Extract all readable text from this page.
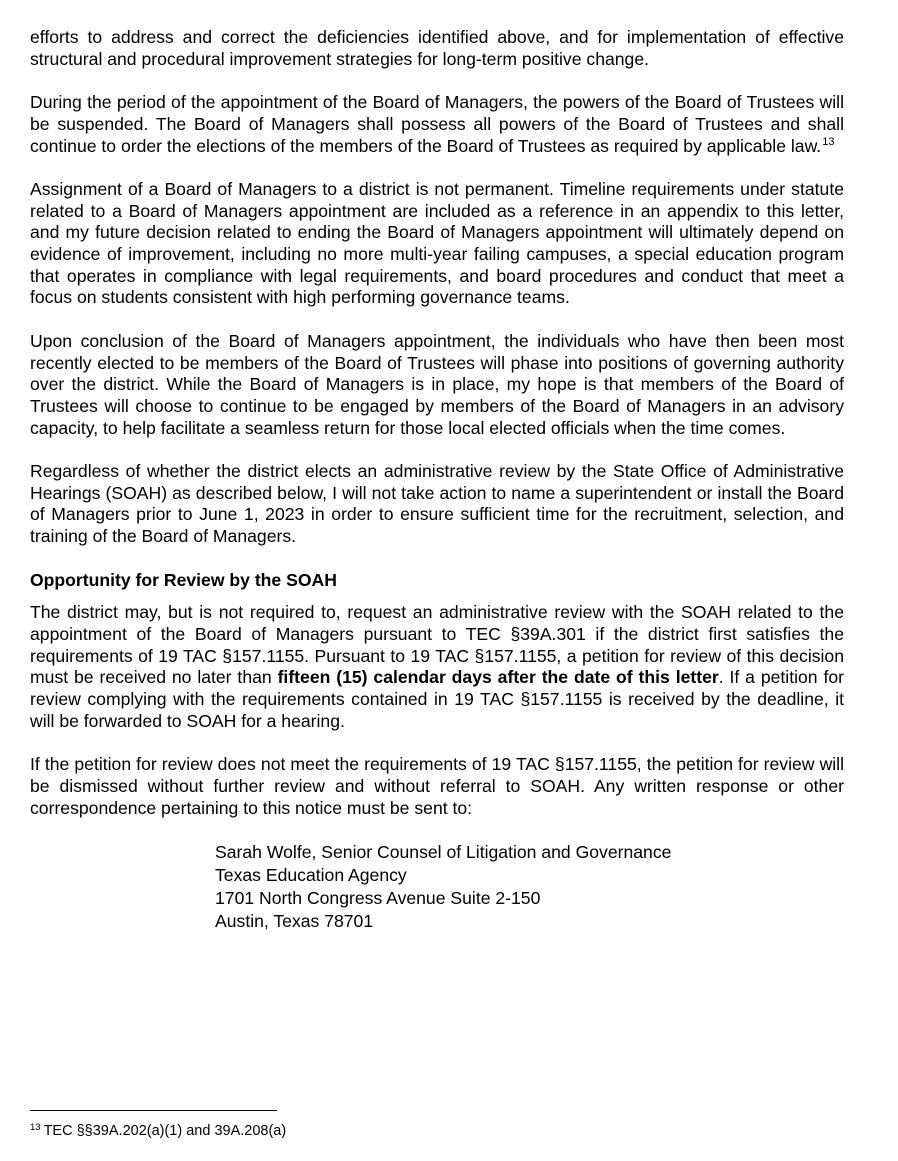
efforts to address and correct the deficiencies identified above, and for implementation of effective structural and procedural improvement strategies for long-term positive change.

During the period of the appointment of the Board of Managers, the powers of the Board of Trustees will be suspended. The Board of Managers shall possess all powers of the Board of Trustees and shall continue to order the elections of the members of the Board of Trustees as required by applicable law.$^{13}$

Assignment of a Board of Managers to a district is not permanent. Timeline requirements under statute related to a Board of Managers appointment are included as a reference in an appendix to this letter, and my future decision related to ending the Board of Managers appointment will ultimately depend on evidence of improvement, including no more multi-year failing campuses, a special education program that operates in compliance with legal requirements, and board procedures and conduct that meet a focus on students consistent with high performing governance teams.

Upon conclusion of the Board of Managers appointment, the individuals who have then been most recently elected to be members of the Board of Trustees will phase into positions of governing authority over the district. While the Board of Managers is in place, my hope is that members of the Board of Trustees will choose to continue to be engaged by members of the Board of Managers in an advisory capacity, to help facilitate a seamless return for those local elected officials when the time comes.

Regardless of whether the district elects an administrative review by the State Office of Administrative Hearings (SOAH) as described below, I will not take action to name a superintendent or install the Board of Managers prior to June 1, 2023 in order to ensure sufficient time for the recruitment, selection, and training of the Board of Managers.

Opportunity for Review by the SOAH

The district may, but is not required to, request an administrative review with the SOAH related to the appointment of the Board of Managers pursuant to TEC §39A.301 if the district first satisfies the requirements of 19 TAC §157.1155. Pursuant to 19 TAC §157.1155, a petition for review of this decision must be received no later than fifteen (15) calendar days after the date of this letter. If a petition for review complying with the requirements contained in 19 TAC §157.1155 is received by the deadline, it will be forwarded to SOAH for a hearing.

If the petition for review does not meet the requirements of 19 TAC §157.1155, the petition for review will be dismissed without further review and without referral to SOAH. Any written response or other correspondence pertaining to this notice must be sent to:

Sarah Wolfe, Senior Counsel of Litigation and Governance
Texas Education Agency
1701 North Congress Avenue Suite 2-150
Austin, Texas 78701
$^{13}$ TEC §§39A.202(a)(1) and 39A.208(a)
